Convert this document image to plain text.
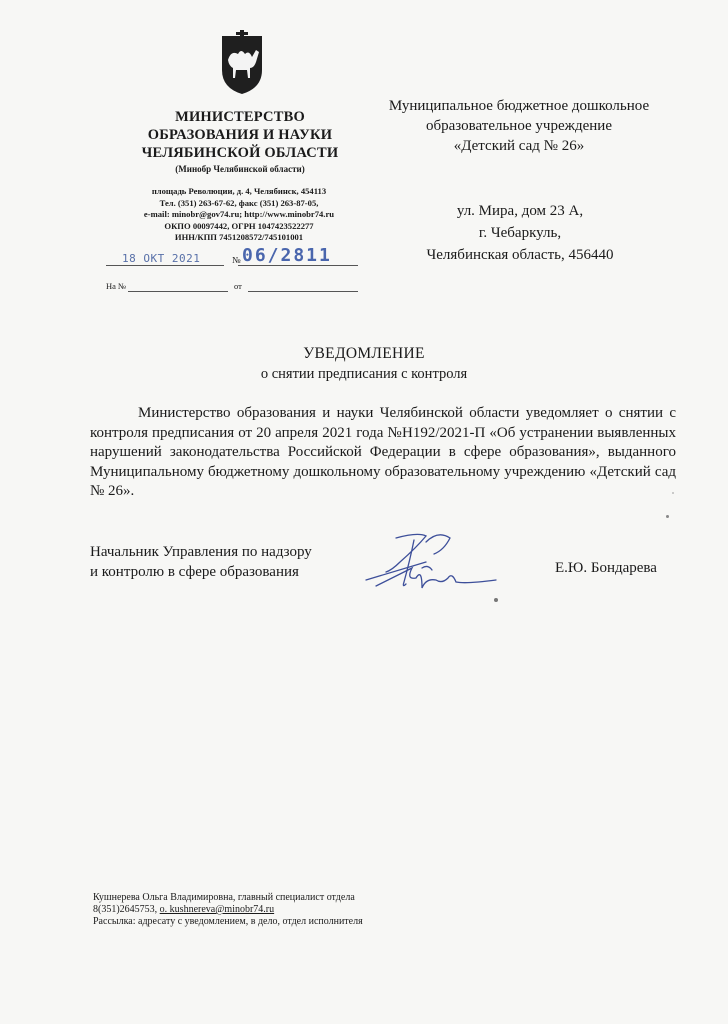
МИНИСТЕРСТВО
ОБРАЗОВАНИЯ И НАУКИ
ЧЕЛЯБИНСКОЙ ОБЛАСТИ
(Минобр Челябинской области)
площадь Революции, д. 4, Челябинск, 454113
Тел. (351) 263-67-62, факс (351) 263-87-05,
e-mail: minobr@gov74.ru; http://www.minobr74.ru
ОКПО 00097442, ОГРН 1047423522277
ИНН/КПП 7451208572/745101001
18 ОКТ 2021	№ 06/2811
На №	от
Муниципальное бюджетное дошкольное
образовательное учреждение
«Детский сад № 26»
ул. Мира, дом 23 А,
г. Чебаркуль,
Челябинская область, 456440
УВЕДОМЛЕНИЕ
о снятии предписания с контроля
Министерство образования и науки Челябинской области уведомляет о снятии с контроля предписания от 20 апреля 2021 года №Н192/2021-П «Об устранении выявленных нарушений законодательства Российской Федерации в сфере образования», выданного Муниципальному бюджетному дошкольному образовательному учреждению «Детский сад № 26».
Начальник Управления по надзору
и контролю в сфере образования	Е.Ю. Бондарева
Кушнерева Ольга Владимировна, главный специалист отдела
8(351)2645753, o. kushnereva@minobr74.ru
Рассылка: адресату с уведомлением, в дело, отдел исполнителя
